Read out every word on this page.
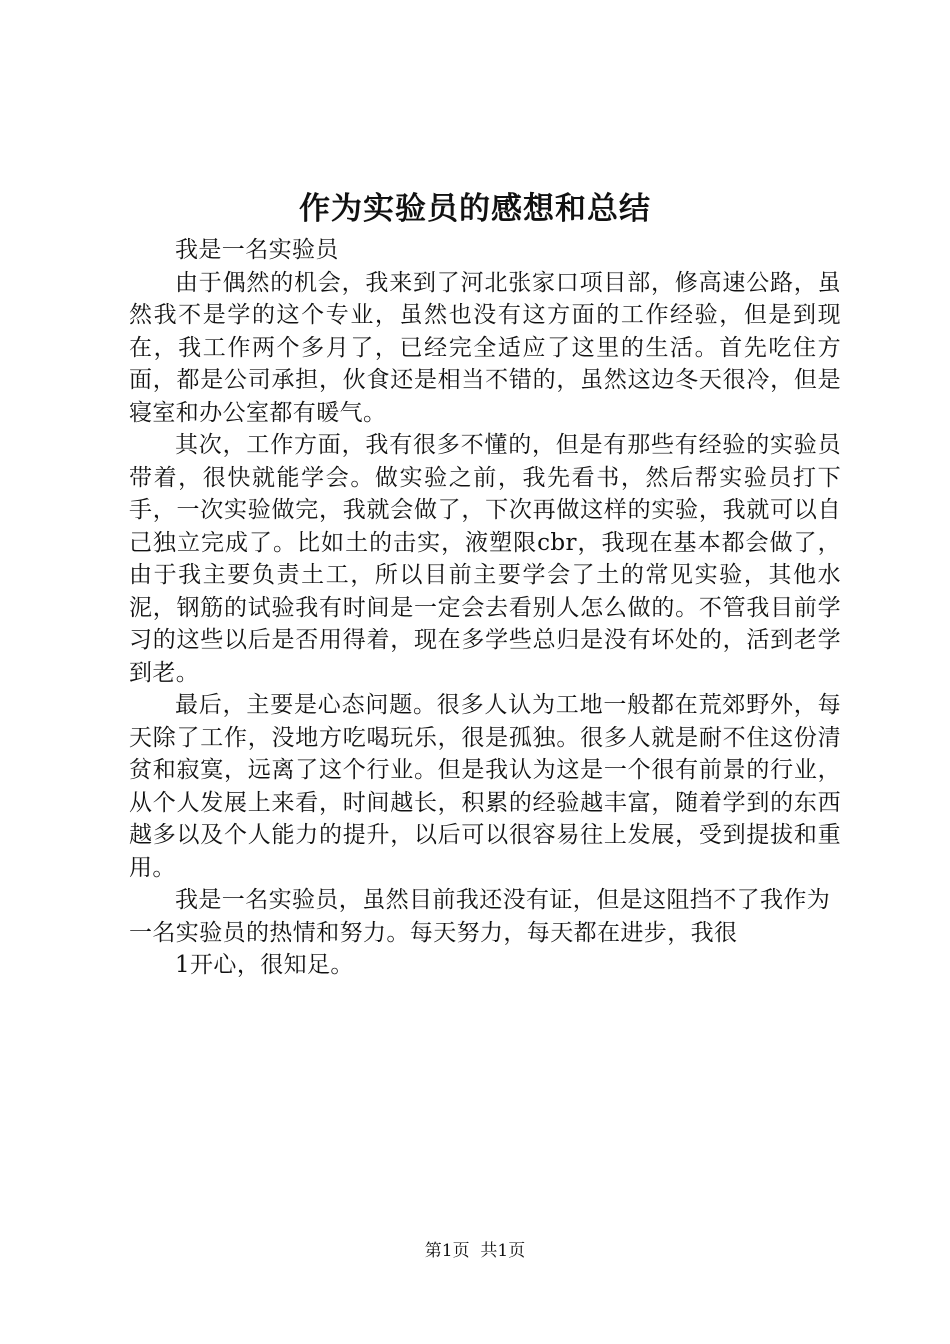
作为实验员的感想和总结

我是一名实验员

由于偶然的机会，我来到了河北张家口项目部，修高速公路，虽然我不是学的这个专业，虽然也没有这方面的工作经验，但是到现在，我工作两个多月了，已经完全适应了这里的生活。首先吃住方面，都是公司承担，伙食还是相当不错的，虽然这边冬天很冷，但是寝室和办公室都有暖气。

其次，工作方面，我有很多不懂的，但是有那些有经验的实验员带着，很快就能学会。做实验之前，我先看书，然后帮实验员打下手，一次实验做完，我就会做了，下次再做这样的实验，我就可以自己独立完成了。比如土的击实，液塑限cbr，我现在基本都会做了，由于我主要负责土工，所以目前主要学会了土的常见实验，其他水泥，钢筋的试验我有时间是一定会去看别人怎么做的。不管我目前学习的这些以后是否用得着，现在多学些总归是没有坏处的，活到老学到老。

最后，主要是心态问题。很多人认为工地一般都在荒郊野外，每天除了工作，没地方吃喝玩乐，很是孤独。很多人就是耐不住这份清贫和寂寞，远离了这个行业。但是我认为这是一个很有前景的行业，从个人发展上来看，时间越长，积累的经验越丰富，随着学到的东西越多以及个人能力的提升，以后可以很容易往上发展，受到提拔和重用。

我是一名实验员，虽然目前我还没有证，但是这阻挡不了我作为一名实验员的热情和努力。每天努力，每天都在进步，我很

1开心，很知足。

第1页 共1页
